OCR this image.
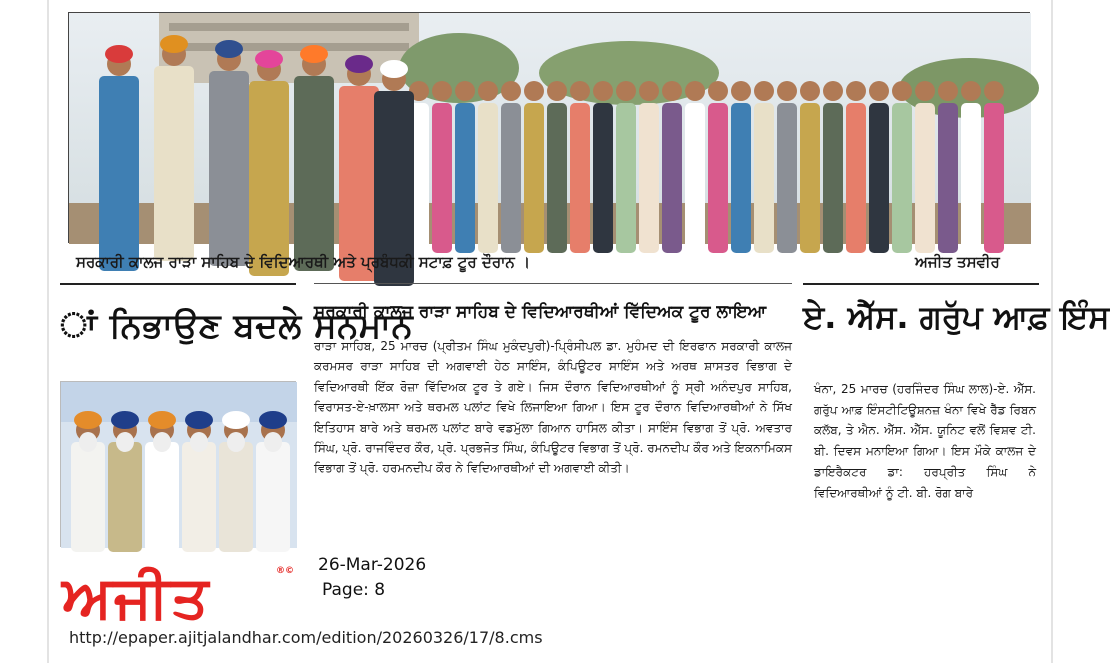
ਸਰਕਾਰੀ ਕਾਲਜ ਰਾੜਾ ਸਾਹਿਬ ਦੇ ਵਿਦਿਆਰਥੀ ਅਤੇ ਪ੍ਰਬੰਧਕੀ ਸਟਾਫ਼ ਟੂਰ ਦੌਰਾਨ ।	ਅਜੀਤ ਤਸਵੀਰ
ਾਂ ਨਿਭਾਉਣ ਬਦਲੇ ਸਨਮਾਨ
ਸਰਕਾਰੀ ਕਾਲਜ ਰਾੜਾ ਸਾਹਿਬ ਦੇ ਵਿਦਿਆਰਥੀਆਂ ਵਿੱਦਿਅਕ ਟੂਰ ਲਾਇਆ
ਰਾੜਾ ਸਾਹਿਬ, 25 ਮਾਰਚ (ਪ੍ਰੀਤਮ ਸਿੰਘ ਮੁਕੰਦਪੁਰੀ)-ਪ੍ਰਿੰਸੀਪਲ ਡਾ. ਮੁਹੰਮਦ ਦੀ ਇਰਫਾਨ ਸਰਕਾਰੀ ਕਾਲਜ ਕਰਮਸਰ ਰਾੜਾ ਸਾਹਿਬ ਦੀ ਅਗਵਾਈ ਹੇਠ ਸਾਇੰਸ, ਕੰਪਿਊਟਰ ਸਾਇੰਸ ਅਤੇ ਅਰਥ ਸ਼ਾਸਤਰ ਵਿਭਾਗ ਦੇ ਵਿਦਿਆਰਥੀ ਇੱਕ ਰੋਜ਼ਾ ਵਿੱਦਿਅਕ ਟੂਰ ਤੇ ਗਏ। ਜਿਸ ਦੌਰਾਨ ਵਿਦਿਆਰਥੀਆਂ ਨੂੰ ਸ੍ਰੀ ਅਨੰਦਪੁਰ ਸਾਹਿਬ, ਵਿਰਾਸਤ-ਏ-ਖ਼ਾਲਸਾ ਅਤੇ ਥਰਮਲ ਪਲਾਂਟ ਵਿਖੇ ਲਿਜਾਇਆ ਗਿਆ। ਇਸ ਟੂਰ ਦੌਰਾਨ ਵਿਦਿਆਰਥੀਆਂ ਨੇ ਸਿੱਖ ਇਤਿਹਾਸ ਬਾਰੇ ਅਤੇ ਥਰਮਲ ਪਲਾਂਟ ਬਾਰੇ ਵਡਮੁੱਲਾ ਗਿਆਨ ਹਾਸਿਲ ਕੀਤਾ। ਸਾਇੰਸ ਵਿਭਾਗ ਤੋਂ ਪ੍ਰੋ. ਅਵਤਾਰ ਸਿੰਘ, ਪ੍ਰੋ. ਰਾਜਵਿੰਦਰ ਕੌਰ, ਪ੍ਰੋ. ਪ੍ਰਭਜੋਤ ਸਿੰਘ, ਕੰਪਿਊਟਰ ਵਿਭਾਗ ਤੋਂ ਪ੍ਰੋ. ਰਮਨਦੀਪ ਕੌਰ ਅਤੇ ਇਕਨਾਮਿਕਸ ਵਿਭਾਗ ਤੋਂ ਪ੍ਰੋ. ਹਰਮਨਦੀਪ ਕੌਰ ਨੇ ਵਿਦਿਆਰਥੀਆਂ ਦੀ ਅਗਵਾਈ ਕੀਤੀ।
ਏ. ਐੱਸ. ਗਰੁੱਪ ਆਫ਼ ਇੰਸ
ਖੰਨਾ, 25 ਮਾਰਚ (ਹਰਜਿੰਦਰ ਸਿੰਘ ਲਾਲ)-ਏ. ਐੱਸ. ਗਰੁੱਪ ਆਫ਼ ਇੰਸਟੀਟਿਊਸ਼ਨਜ਼ ਖੰਨਾ ਵਿਖੇ ਰੈੱਡ ਰਿਬਨ ਕਲੱਬ, ਤੇ ਐਨ. ਐੱਸ. ਐੱਸ. ਯੂਨਿਟ ਵਲੋਂ ਵਿਸ਼ਵ ਟੀ. ਬੀ. ਦਿਵਸ ਮਨਾਇਆ ਗਿਆ। ਇਸ ਮੌਕੇ ਕਾਲਜ ਦੇ ਡਾਇਰੈਕਟਰ ਡਾ: ਹਰਪ੍ਰੀਤ ਸਿੰਘ ਨੇ ਵਿਦਿਆਰਥੀਆਂ ਨੂੰ ਟੀ. ਬੀ. ਰੋਗ ਬਾਰੇ
26-Mar-2026
Page: 8
ਅਜੀਤ	®©
http://epaper.ajitjalandhar.com/edition/20260326/17/8.cms
